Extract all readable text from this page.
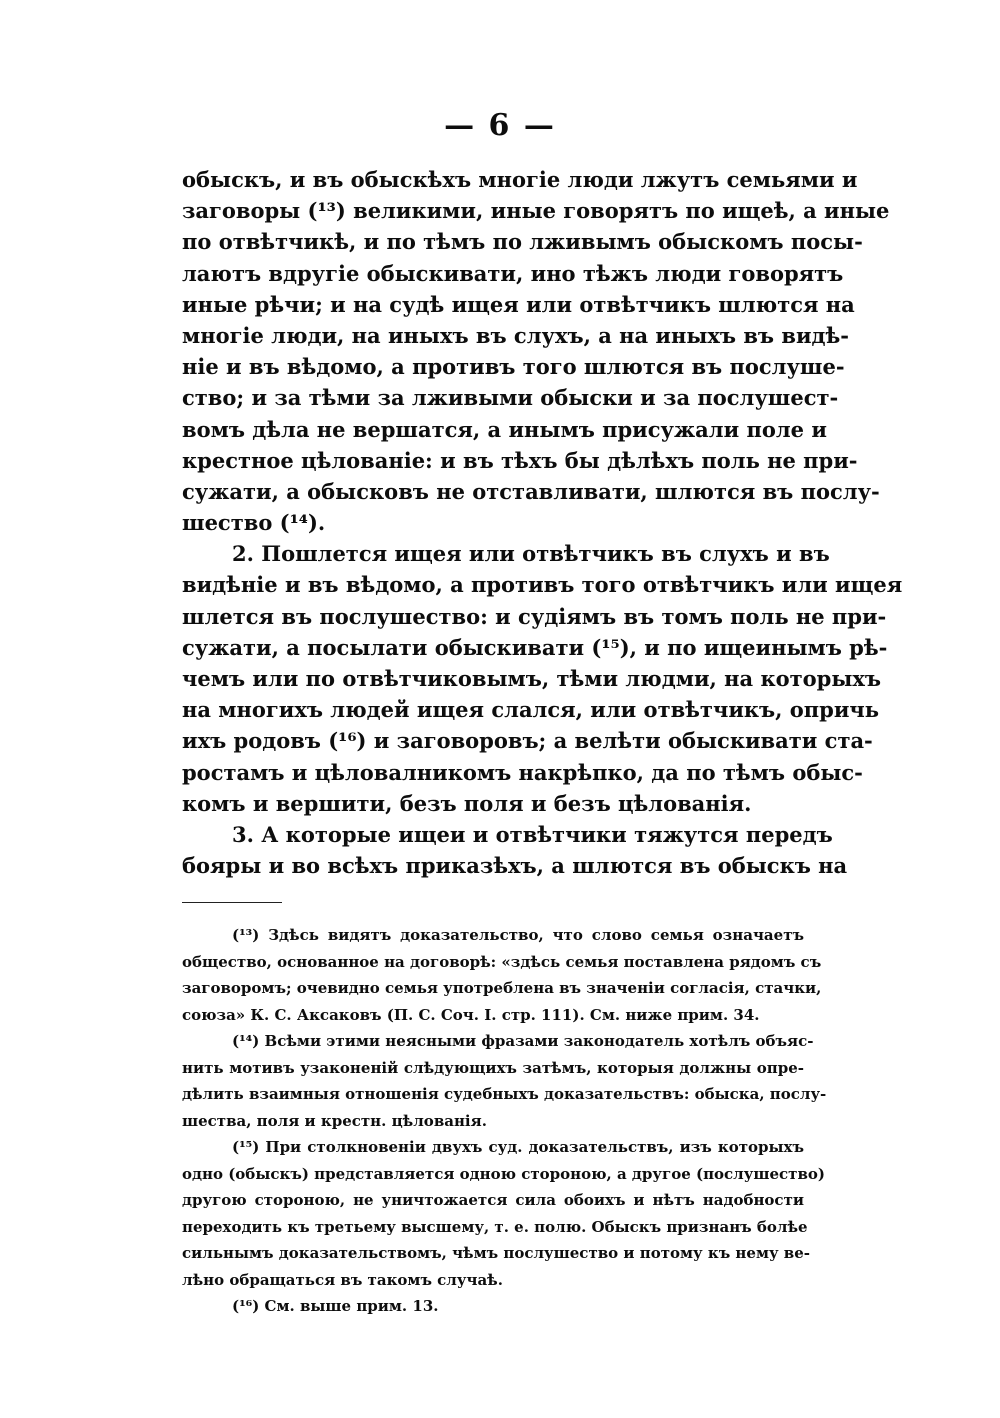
— 6 —
обыскъ, и въ обыскѣхъ многіе люди лжутъ семьями и
заговоры (¹³) великими, иные говорятъ по ищеѣ, а иные
по отвѣтчикѣ, и по тѣмъ по лживымъ обыскомъ посы-
лаютъ вдругіе обыскивати, ино тѣжъ люди говорятъ
иные рѣчи; и на судѣ ищея или отвѣтчикъ шлются на
многіе люди, на иныхъ въ слухъ, а на иныхъ въ видѣ-
ніе и въ вѣдомо, а противъ того шлются въ послуше-
ство; и за тѣми за лживыми обыски и за послушест-
вомъ дѣла не вершатся, а инымъ присужали поле и
крестное цѣлованіе: и въ тѣхъ бы дѣлѣхъ поль не при-
сужати, а обысковъ не отставливати, шлются въ послу-
шество (¹⁴).
2. Пошлется ищея или отвѣтчикъ въ слухъ и въ
видѣніе и въ вѣдомо, а противъ того отвѣтчикъ или ищея
шлется въ послушество: и судіямъ въ томъ поль не при-
сужати, а посылати обыскивати (¹⁵), и по ищеинымъ рѣ-
чемъ или по отвѣтчиковымъ, тѣми людми, на которыхъ
на многихъ людей ищея слался, или отвѣтчикъ, опричь
ихъ родовъ (¹⁶) и заговоровъ; а велѣти обыскивати ста-
ростамъ и цѣловалникомъ накрѣпко, да по тѣмъ обыс-
комъ и вершити, безъ поля и безъ цѣлованія.
3. А которые ищеи и отвѣтчики тяжутся передъ
бояры и во всѣхъ приказѣхъ, а шлются въ обыскъ на
(¹³) Здѣсь видятъ доказательство, что слово семья означаетъ
общество, основанное на договорѣ: «здѣсь семья поставлена рядомъ съ
заговоромъ; очевидно семья употреблена въ значеніи согласія, стачки,
союза» К. С. Аксаковъ (П. С. Соч. I. стр. 111). См. ниже прим. 34.
(¹⁴) Всѣми этими неясными фразами законодатель хотѣлъ объяс-
нить мотивъ узаконеній слѣдующихъ затѣмъ, которыя должны опре-
дѣлить взаимныя отношенія судебныхъ доказательствъ: обыска, послу-
шества, поля и крестн. цѣлованія.
(¹⁵) При столкновеніи двухъ суд. доказательствъ, изъ которыхъ
одно (обыскъ) представляется одною стороною, а другое (послушество)
другою стороною, не уничтожается сила обоихъ и нѣтъ надобности
переходить къ третьему высшему, т. е. полю. Обыскъ признанъ болѣе
сильнымъ доказательствомъ, чѣмъ послушество и потому къ нему ве-
лѣно обращаться въ такомъ случаѣ.
(¹⁶) См. выше прим. 13.
